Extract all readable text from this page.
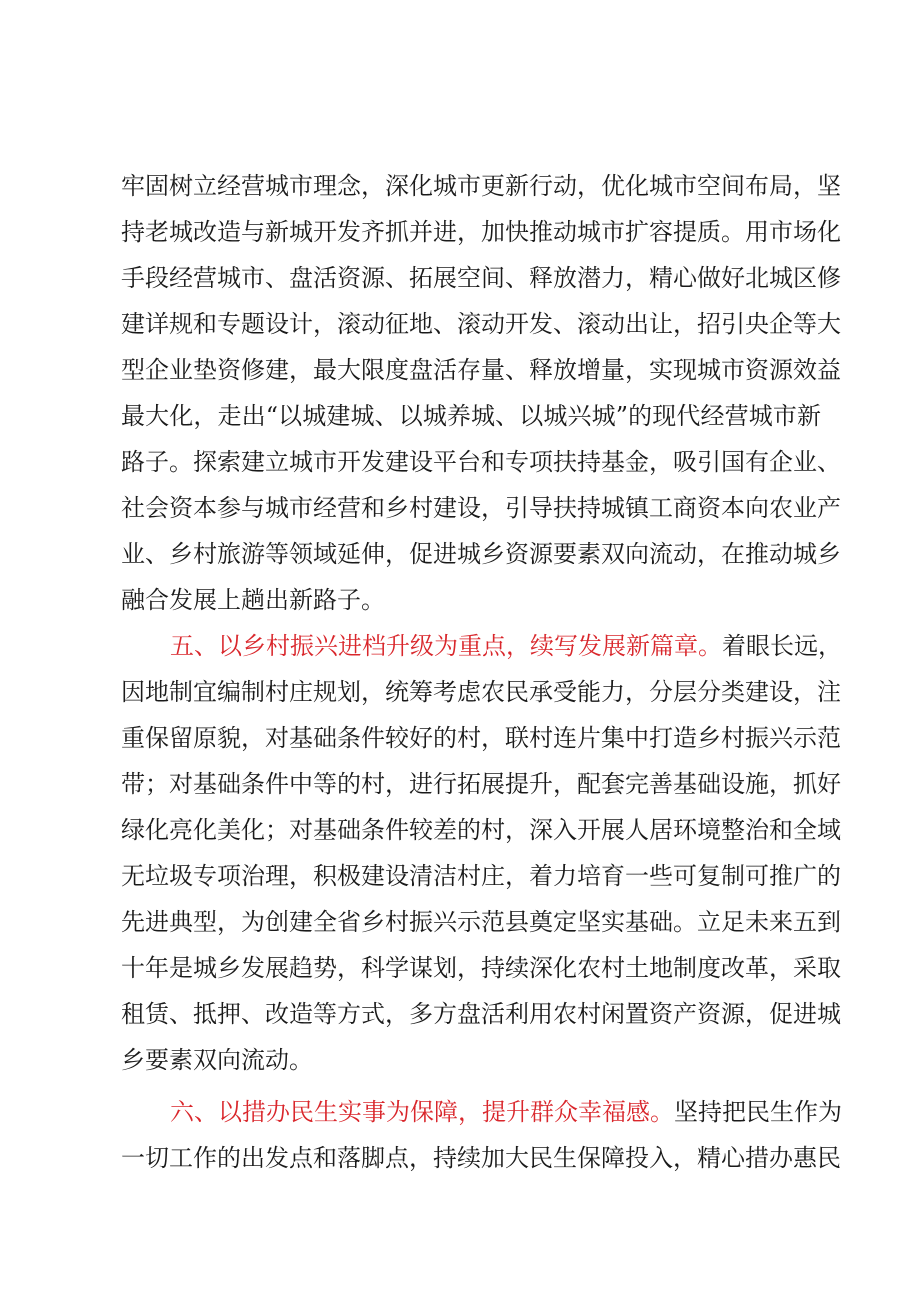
牢固树立经营城市理念，深化城市更新行动，优化城市空间布局，坚
持老城改造与新城开发齐抓并进，加快推动城市扩容提质。用市场化
手段经营城市、盘活资源、拓展空间、释放潜力，精心做好北城区修
建详规和专题设计，滚动征地、滚动开发、滚动出让，招引央企等大
型企业垫资修建，最大限度盘活存量、释放增量，实现城市资源效益
最大化，走出“以城建城、以城养城、以城兴城”的现代经营城市新
路子。探索建立城市开发建设平台和专项扶持基金，吸引国有企业、
社会资本参与城市经营和乡村建设，引导扶持城镇工商资本向农业产
业、乡村旅游等领域延伸，促进城乡资源要素双向流动，在推动城乡
融合发展上趟出新路子。
五、以乡村振兴进档升级为重点，续写发展新篇章。着眼长远，
因地制宜编制村庄规划，统筹考虑农民承受能力，分层分类建设，注
重保留原貌，对基础条件较好的村，联村连片集中打造乡村振兴示范
带；对基础条件中等的村，进行拓展提升，配套完善基础设施，抓好
绿化亮化美化；对基础条件较差的村，深入开展人居环境整治和全域
无垃圾专项治理，积极建设清洁村庄，着力培育一些可复制可推广的
先进典型，为创建全省乡村振兴示范县奠定坚实基础。立足未来五到
十年是城乡发展趋势，科学谋划，持续深化农村土地制度改革，采取
租赁、抵押、改造等方式，多方盘活利用农村闲置资产资源，促进城
乡要素双向流动。
六、以措办民生实事为保障，提升群众幸福感。坚持把民生作为
一切工作的出发点和落脚点，持续加大民生保障投入，精心措办惠民
